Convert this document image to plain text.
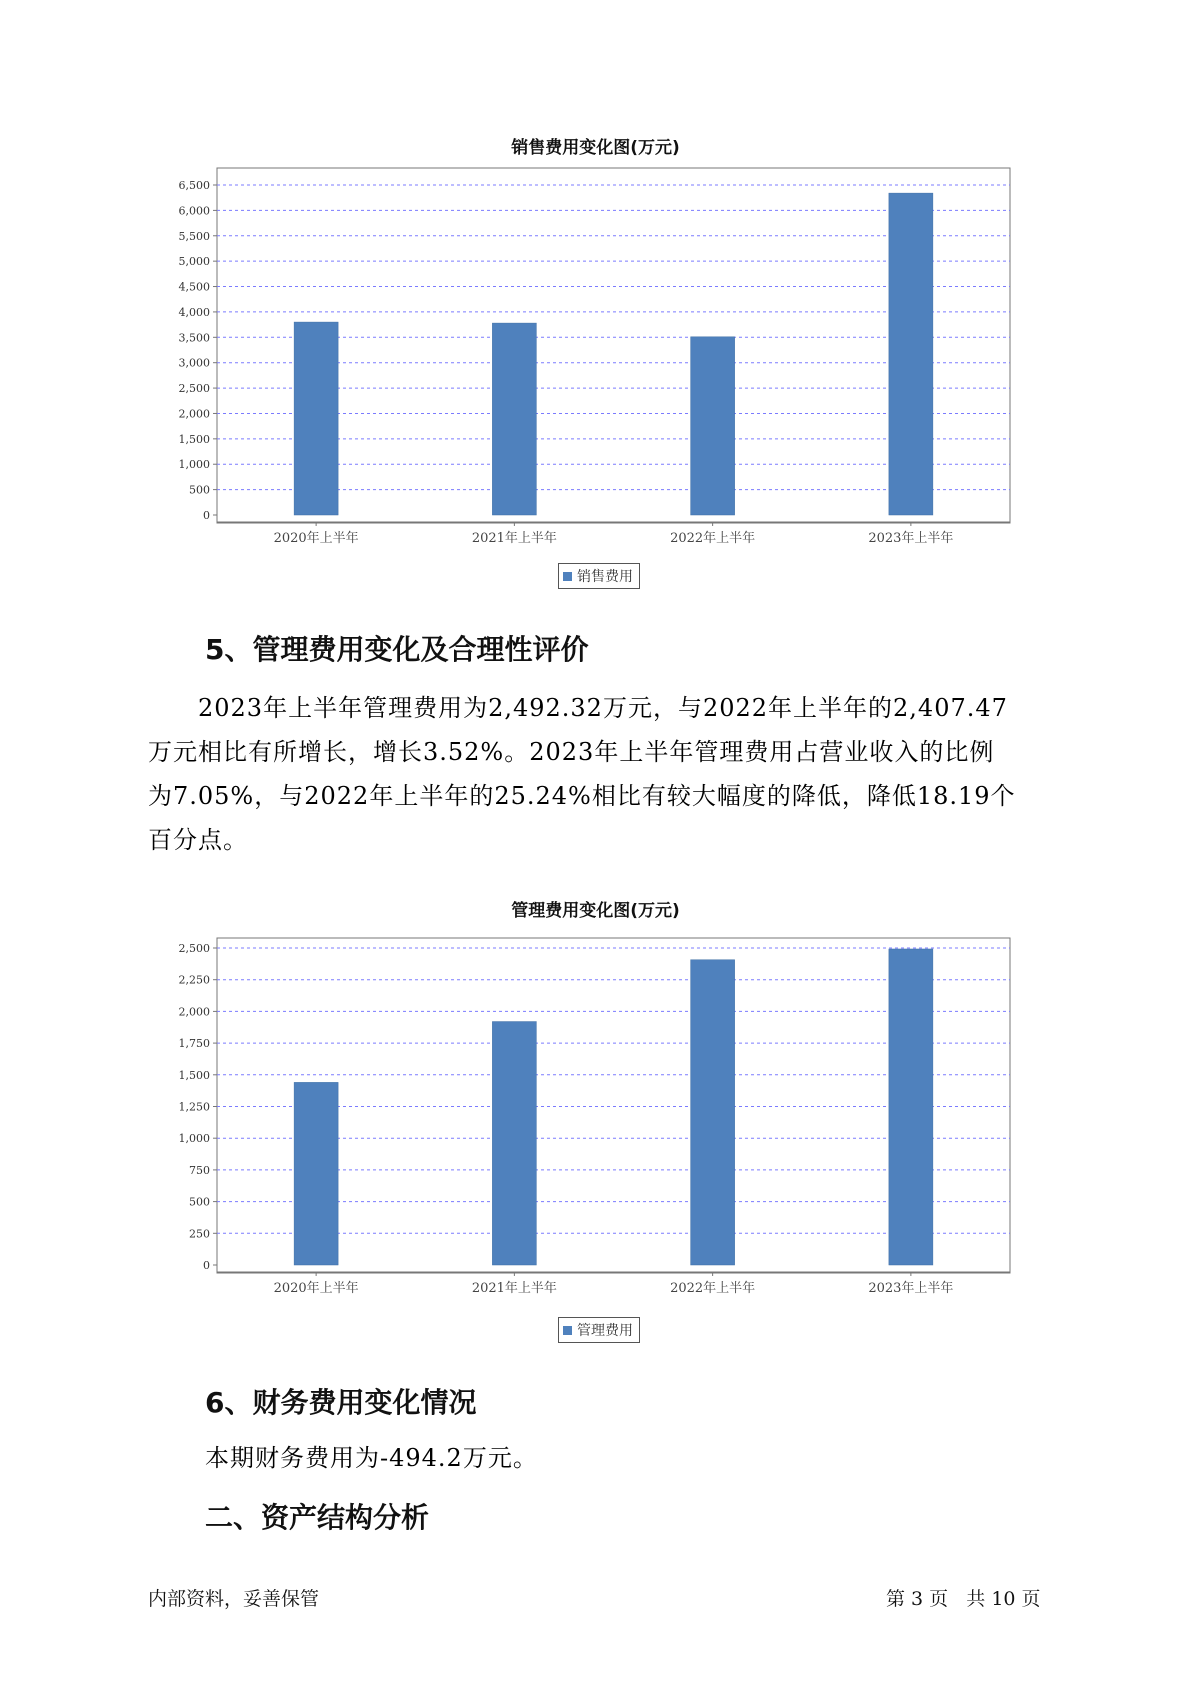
销售费用变化图(万元)
0
500
1,000
1,500
2,000
2,500
3,000
3,500
4,000
4,500
5,000
5,500
6,000
6,500
2020年上半年	2021年上半年	2022年上半年	2023年上半年
销售费用
5、管理费用变化及合理性评价
2023年上半年管理费用为2,492.32万元，与2022年上半年的2,407.47
万元相比有所增长，增长3.52%。2023年上半年管理费用占营业收入的比例
为7.05%，与2022年上半年的25.24%相比有较大幅度的降低，降低18.19个
百分点。
管理费用变化图(万元)
0
250
500
750
1,000
1,250
1,500
1,750
2,000
2,250
2,500
2020年上半年	2021年上半年	2022年上半年	2023年上半年
管理费用
6、财务费用变化情况
本期财务费用为-494.2万元。
二、资产结构分析
内部资料，妥善保管	第 3 页   共 10 页
